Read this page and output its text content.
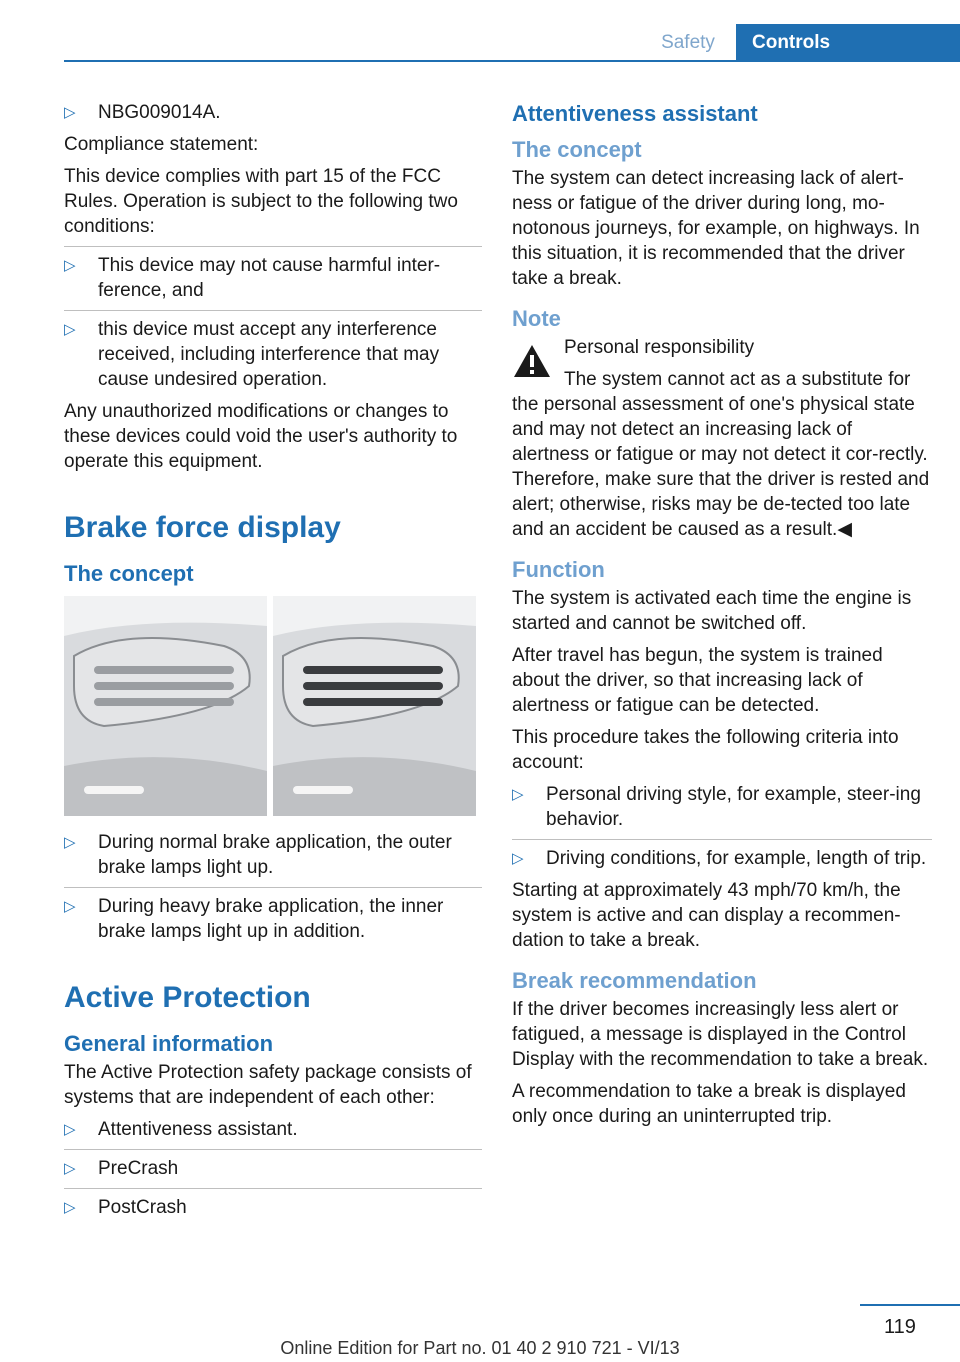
Safety	Controls
▷ NBG009014A.

Compliance statement:

This device complies with part 15 of the FCC Rules. Operation is subject to the following two conditions:

▷ This device may not cause harmful inter‐ference, and
▷ this device must accept any interference received, including interference that may cause undesired operation.

Any unauthorized modifications or changes to these devices could void the user's authority to operate this equipment.

Brake force display
The concept
▷ During normal brake application, the outer brake lamps light up.
▷ During heavy brake application, the inner brake lamps light up in addition.
Active Protection
General information

The Active Protection safety package consists of systems that are independent of each other:

▷ Attentiveness assistant.
▷ PreCrash
▷ PostCrash
Attentiveness assistant
The concept

The system can detect increasing lack of alert‐ness or fatigue of the driver during long, mo‐notonous journeys, for example, on highways. In this situation, it is recommended that the driver take a break.

Note

Personal responsibility

The system cannot act as a substitute for the personal assessment of one's physical state and may not detect an increasing lack of alertness or fatigue or may not detect it cor‐rectly. Therefore, make sure that the driver is rested and alert; otherwise, risks may be de‐tected too late and an accident be caused as a result.◀

Function

The system is activated each time the engine is started and cannot be switched off.

After travel has begun, the system is trained about the driver, so that increasing lack of alertness or fatigue can be detected.

This procedure takes the following criteria into account:

▷ Personal driving style, for example, steer‐ing behavior.
▷ Driving conditions, for example, length of trip.

Starting at approximately 43 mph/70 km/h, the system is active and can display a recommen‐dation to take a break.

Break recommendation

If the driver becomes increasingly less alert or fatigued, a message is displayed in the Control Display with the recommendation to take a break.

A recommendation to take a break is displayed only once during an uninterrupted trip.

119
Online Edition for Part no. 01 40 2 910 721 - VI/13
